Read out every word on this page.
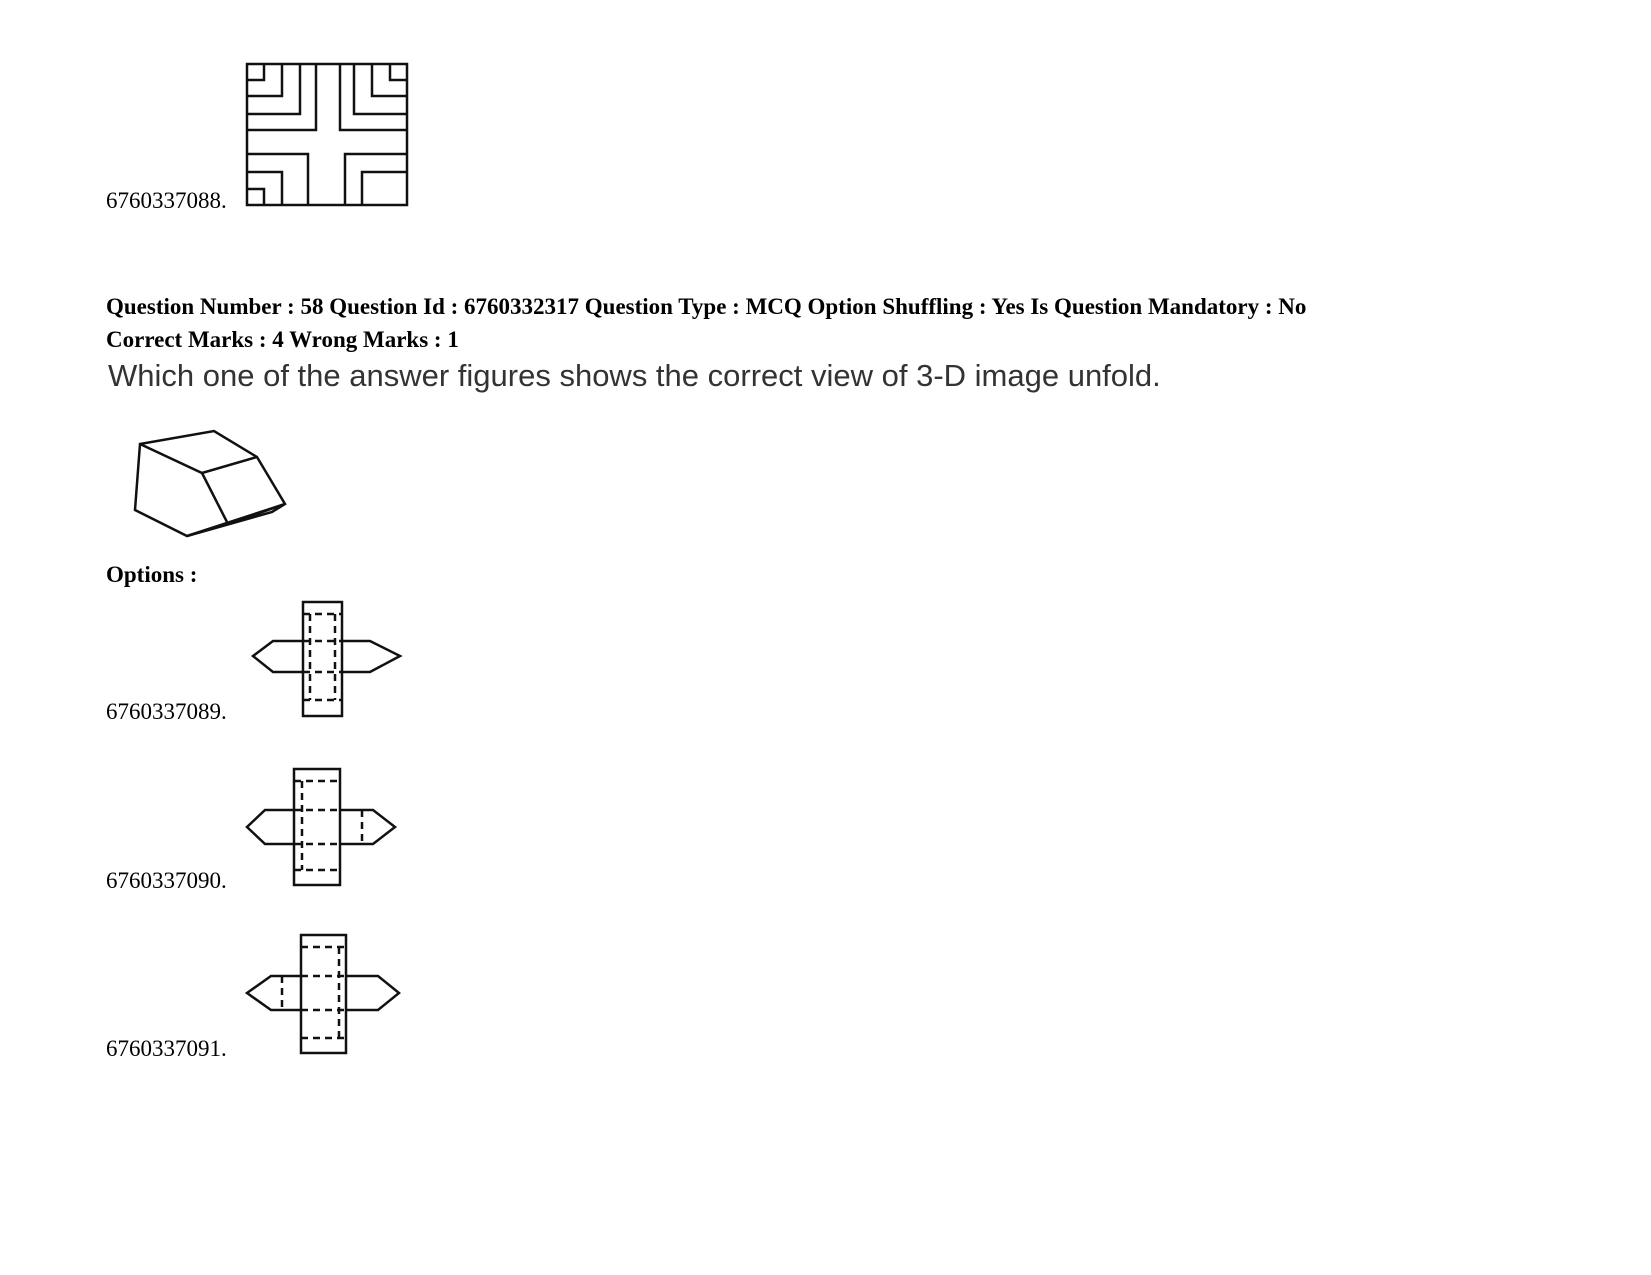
6760337088.
Question Number : 58 Question Id : 6760332317 Question Type : MCQ Option Shuffling : Yes Is Question Mandatory : No
Correct Marks : 4 Wrong Marks : 1
Which one of the answer figures shows the correct view of 3-D image unfold.
Options :
6760337089.
6760337090.
6760337091.
